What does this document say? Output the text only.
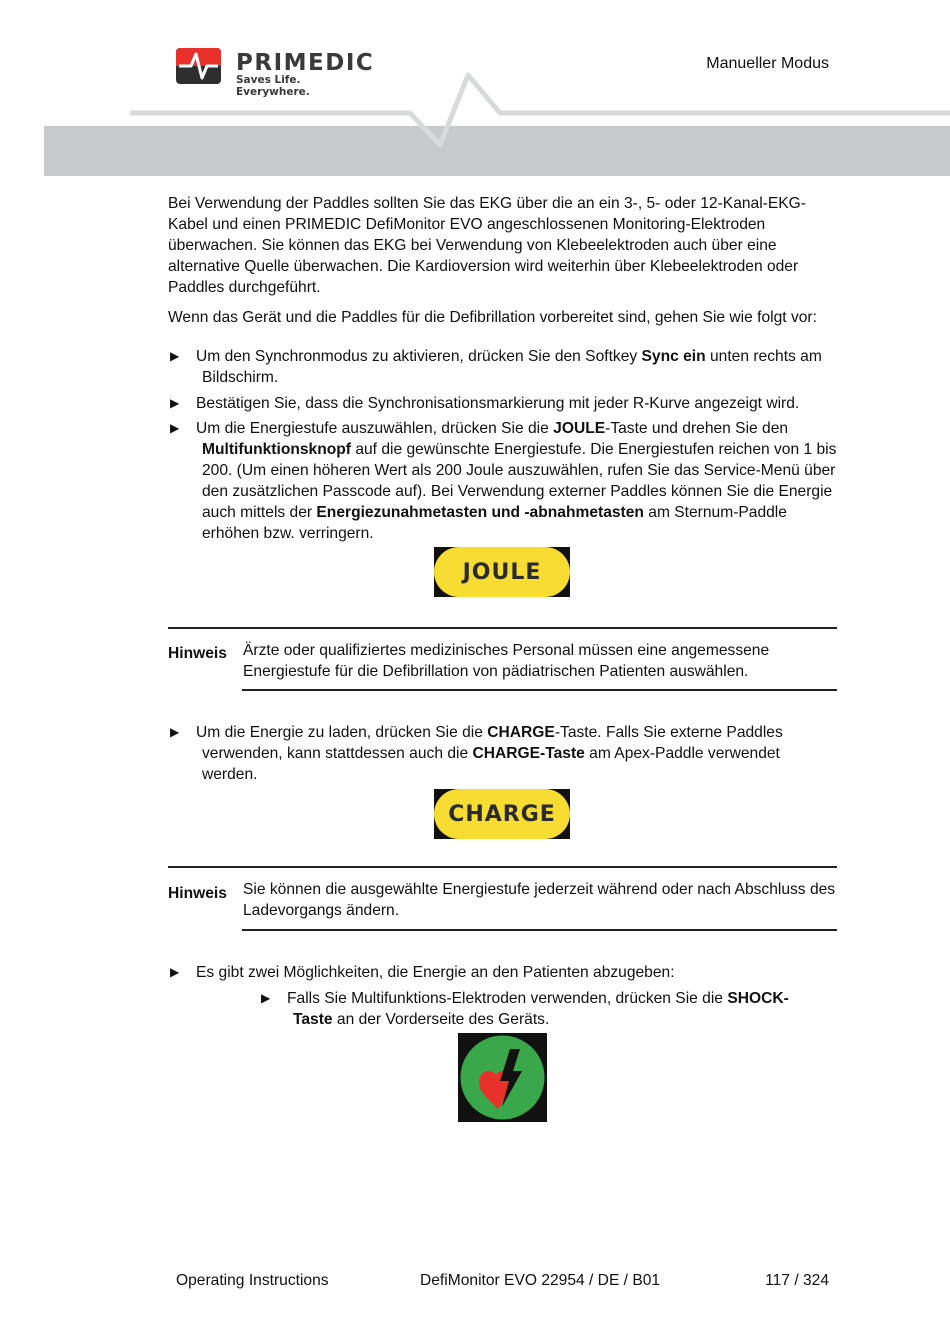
PRIMEDIC
Saves Life. Everywhere.
Manueller Modus
Bei Verwendung der Paddles sollten Sie das EKG über die an ein 3-, 5- oder 12-Kanal-EKG-Kabel und einen PRIMEDIC DefiMonitor EVO angeschlossenen Monitoring-Elektroden überwachen. Sie können das EKG bei Verwendung von Klebeelektroden auch über eine alternative Quelle überwachen. Die Kardioversion wird weiterhin über Klebeelektroden oder Paddles durchgeführt.
Wenn das Gerät und die Paddles für die Defibrillation vorbereitet sind, gehen Sie wie folgt vor:
▶ Um den Synchronmodus zu aktivieren, drücken Sie den Softkey Sync ein unten rechts am Bildschirm.
▶ Bestätigen Sie, dass die Synchronisationsmarkierung mit jeder R-Kurve angezeigt wird.
▶ Um die Energiestufe auszuwählen, drücken Sie die JOULE-Taste und drehen Sie den Multifunktionsknopf auf die gewünschte Energiestufe. Die Energiestufen reichen von 1 bis 200. (Um einen höheren Wert als 200 Joule auszuwählen, rufen Sie das Service-Menü über den zusätzlichen Passcode auf). Bei Verwendung externer Paddles können Sie die Energie auch mittels der Energiezunahmetasten und -abnahmetasten am Sternum-Paddle erhöhen bzw. verringern.
JOULE
Hinweis Ärzte oder qualifiziertes medizinisches Personal müssen eine angemessene Energiestufe für die Defibrillation von pädiatrischen Patienten auswählen.
▶ Um die Energie zu laden, drücken Sie die CHARGE-Taste. Falls Sie externe Paddles verwenden, kann stattdessen auch die CHARGE-Taste am Apex-Paddle verwendet werden.
CHARGE
Hinweis Sie können die ausgewählte Energiestufe jederzeit während oder nach Abschluss des Ladevorgangs ändern.
▶ Es gibt zwei Möglichkeiten, die Energie an den Patienten abzugeben:
▶ Falls Sie Multifunktions-Elektroden verwenden, drücken Sie die SHOCK-Taste an der Vorderseite des Geräts.
Operating Instructions	DefiMonitor EVO 22954 / DE / B01	117 / 324
